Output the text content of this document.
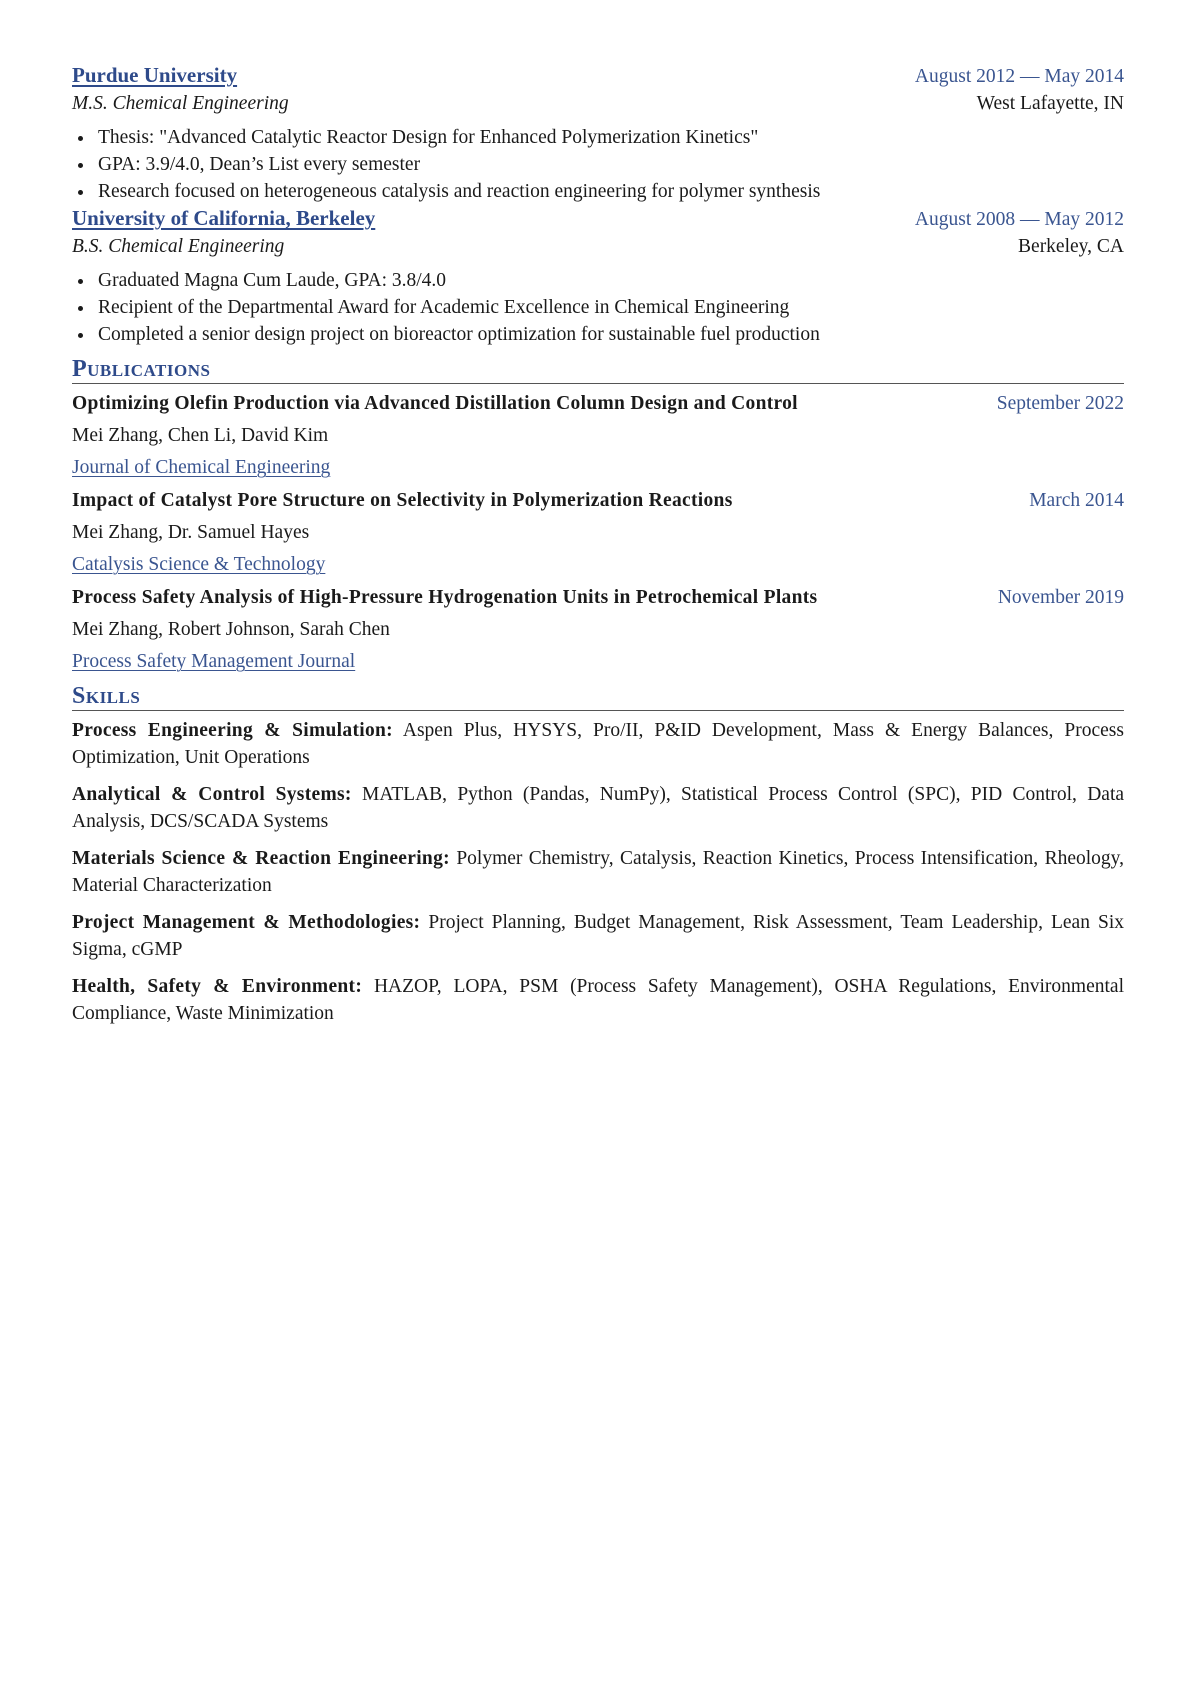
Purdue University	August 2012 — May 2014
M.S. Chemical Engineering	West Lafayette, IN
Thesis: "Advanced Catalytic Reactor Design for Enhanced Polymerization Kinetics"
GPA: 3.9/4.0, Dean’s List every semester
Research focused on heterogeneous catalysis and reaction engineering for polymer synthesis
University of California, Berkeley	August 2008 — May 2012
B.S. Chemical Engineering	Berkeley, CA
Graduated Magna Cum Laude, GPA: 3.8/4.0
Recipient of the Departmental Award for Academic Excellence in Chemical Engineering
Completed a senior design project on bioreactor optimization for sustainable fuel production
Publications
Optimizing Olefin Production via Advanced Distillation Column Design and Control	September 2022
Mei Zhang, Chen Li, David Kim
Journal of Chemical Engineering
Impact of Catalyst Pore Structure on Selectivity in Polymerization Reactions	March 2014
Mei Zhang, Dr. Samuel Hayes
Catalysis Science & Technology
Process Safety Analysis of High-Pressure Hydrogenation Units in Petrochemical Plants	November 2019
Mei Zhang, Robert Johnson, Sarah Chen
Process Safety Management Journal
Skills
Process Engineering & Simulation: Aspen Plus, HYSYS, Pro/II, P&ID Development, Mass & Energy Balances, Process Optimization, Unit Operations
Analytical & Control Systems: MATLAB, Python (Pandas, NumPy), Statistical Process Control (SPC), PID Control, Data Analysis, DCS/SCADA Systems
Materials Science & Reaction Engineering: Polymer Chemistry, Catalysis, Reaction Kinetics, Process Intensification, Rheology, Material Characterization
Project Management & Methodologies: Project Planning, Budget Management, Risk Assessment, Team Leadership, Lean Six Sigma, cGMP
Health, Safety & Environment: HAZOP, LOPA, PSM (Process Safety Management), OSHA Regulations, Environmental Compliance, Waste Minimization
